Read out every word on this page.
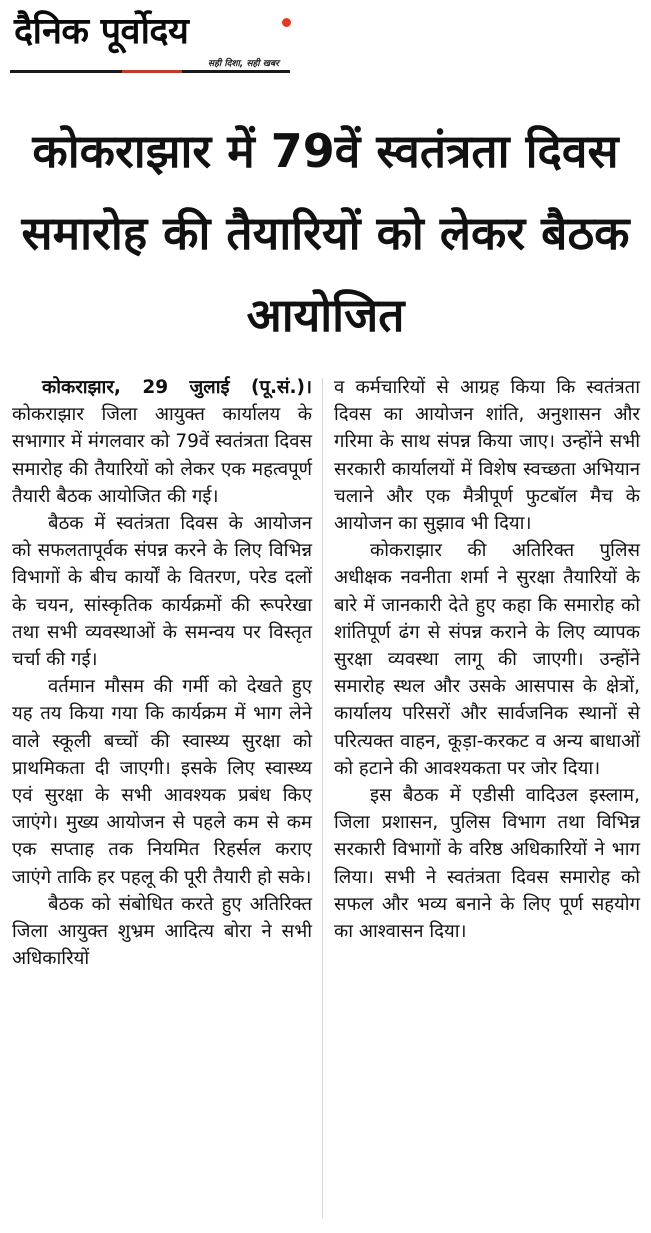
दैनिक पूर्वोदय
सही दिशा, सही खबर
कोकराझार में 79वें स्वतंत्रता दिवस समारोह की तैयारियों को लेकर बैठक आयोजित

कोकराझार, 29 जुलाई (पू.सं.)। कोकराझार जिला आयुक्त कार्यालय के सभागार में मंगलवार को 79वें स्वतंत्रता दिवस समारोह की तैयारियों को लेकर एक महत्वपूर्ण तैयारी बैठक आयोजित की गई।

बैठक में स्वतंत्रता दिवस के आयोजन को सफलतापूर्वक संपन्न करने के लिए विभिन्न विभागों के बीच कार्यों के वितरण, परेड दलों के चयन, सांस्कृतिक कार्यक्रमों की रूपरेखा तथा सभी व्यवस्थाओं के समन्वय पर विस्तृत चर्चा की गई।

वर्तमान मौसम की गर्मी को देखते हुए यह तय किया गया कि कार्यक्रम में भाग लेने वाले स्कूली बच्चों की स्वास्थ्य सुरक्षा को प्राथमिकता दी जाएगी। इसके लिए स्वास्थ्य एवं सुरक्षा के सभी आवश्यक प्रबंध किए जाएंगे। मुख्य आयोजन से पहले कम से कम एक सप्ताह तक नियमित रिहर्सल कराए जाएंगे ताकि हर पहलू की पूरी तैयारी हो सके।

बैठक को संबोधित करते हुए अतिरिक्त जिला आयुक्त शुभ्रम आदित्य बोरा ने सभी अधिकारियों

व कर्मचारियों से आग्रह किया कि स्वतंत्रता दिवस का आयोजन शांति, अनुशासन और गरिमा के साथ संपन्न किया जाए। उन्होंने सभी सरकारी कार्यालयों में विशेष स्वच्छता अभियान चलाने और एक मैत्रीपूर्ण फुटबॉल मैच के आयोजन का सुझाव भी दिया।

कोकराझार की अतिरिक्त पुलिस अधीक्षक नवनीता शर्मा ने सुरक्षा तैयारियों के बारे में जानकारी देते हुए कहा कि समारोह को शांतिपूर्ण ढंग से संपन्न कराने के लिए व्यापक सुरक्षा व्यवस्था लागू की जाएगी। उन्होंने समारोह स्थल और उसके आसपास के क्षेत्रों, कार्यालय परिसरों और सार्वजनिक स्थानों से परित्यक्त वाहन, कूड़ा-करकट व अन्य बाधाओं को हटाने की आवश्यकता पर जोर दिया।

इस बैठक में एडीसी वादिउल इस्लाम, जिला प्रशासन, पुलिस विभाग तथा विभिन्न सरकारी विभागों के वरिष्ठ अधिकारियों ने भाग लिया। सभी ने स्वतंत्रता दिवस समारोह को सफल और भव्य बनाने के लिए पूर्ण सहयोग का आश्वासन दिया।
